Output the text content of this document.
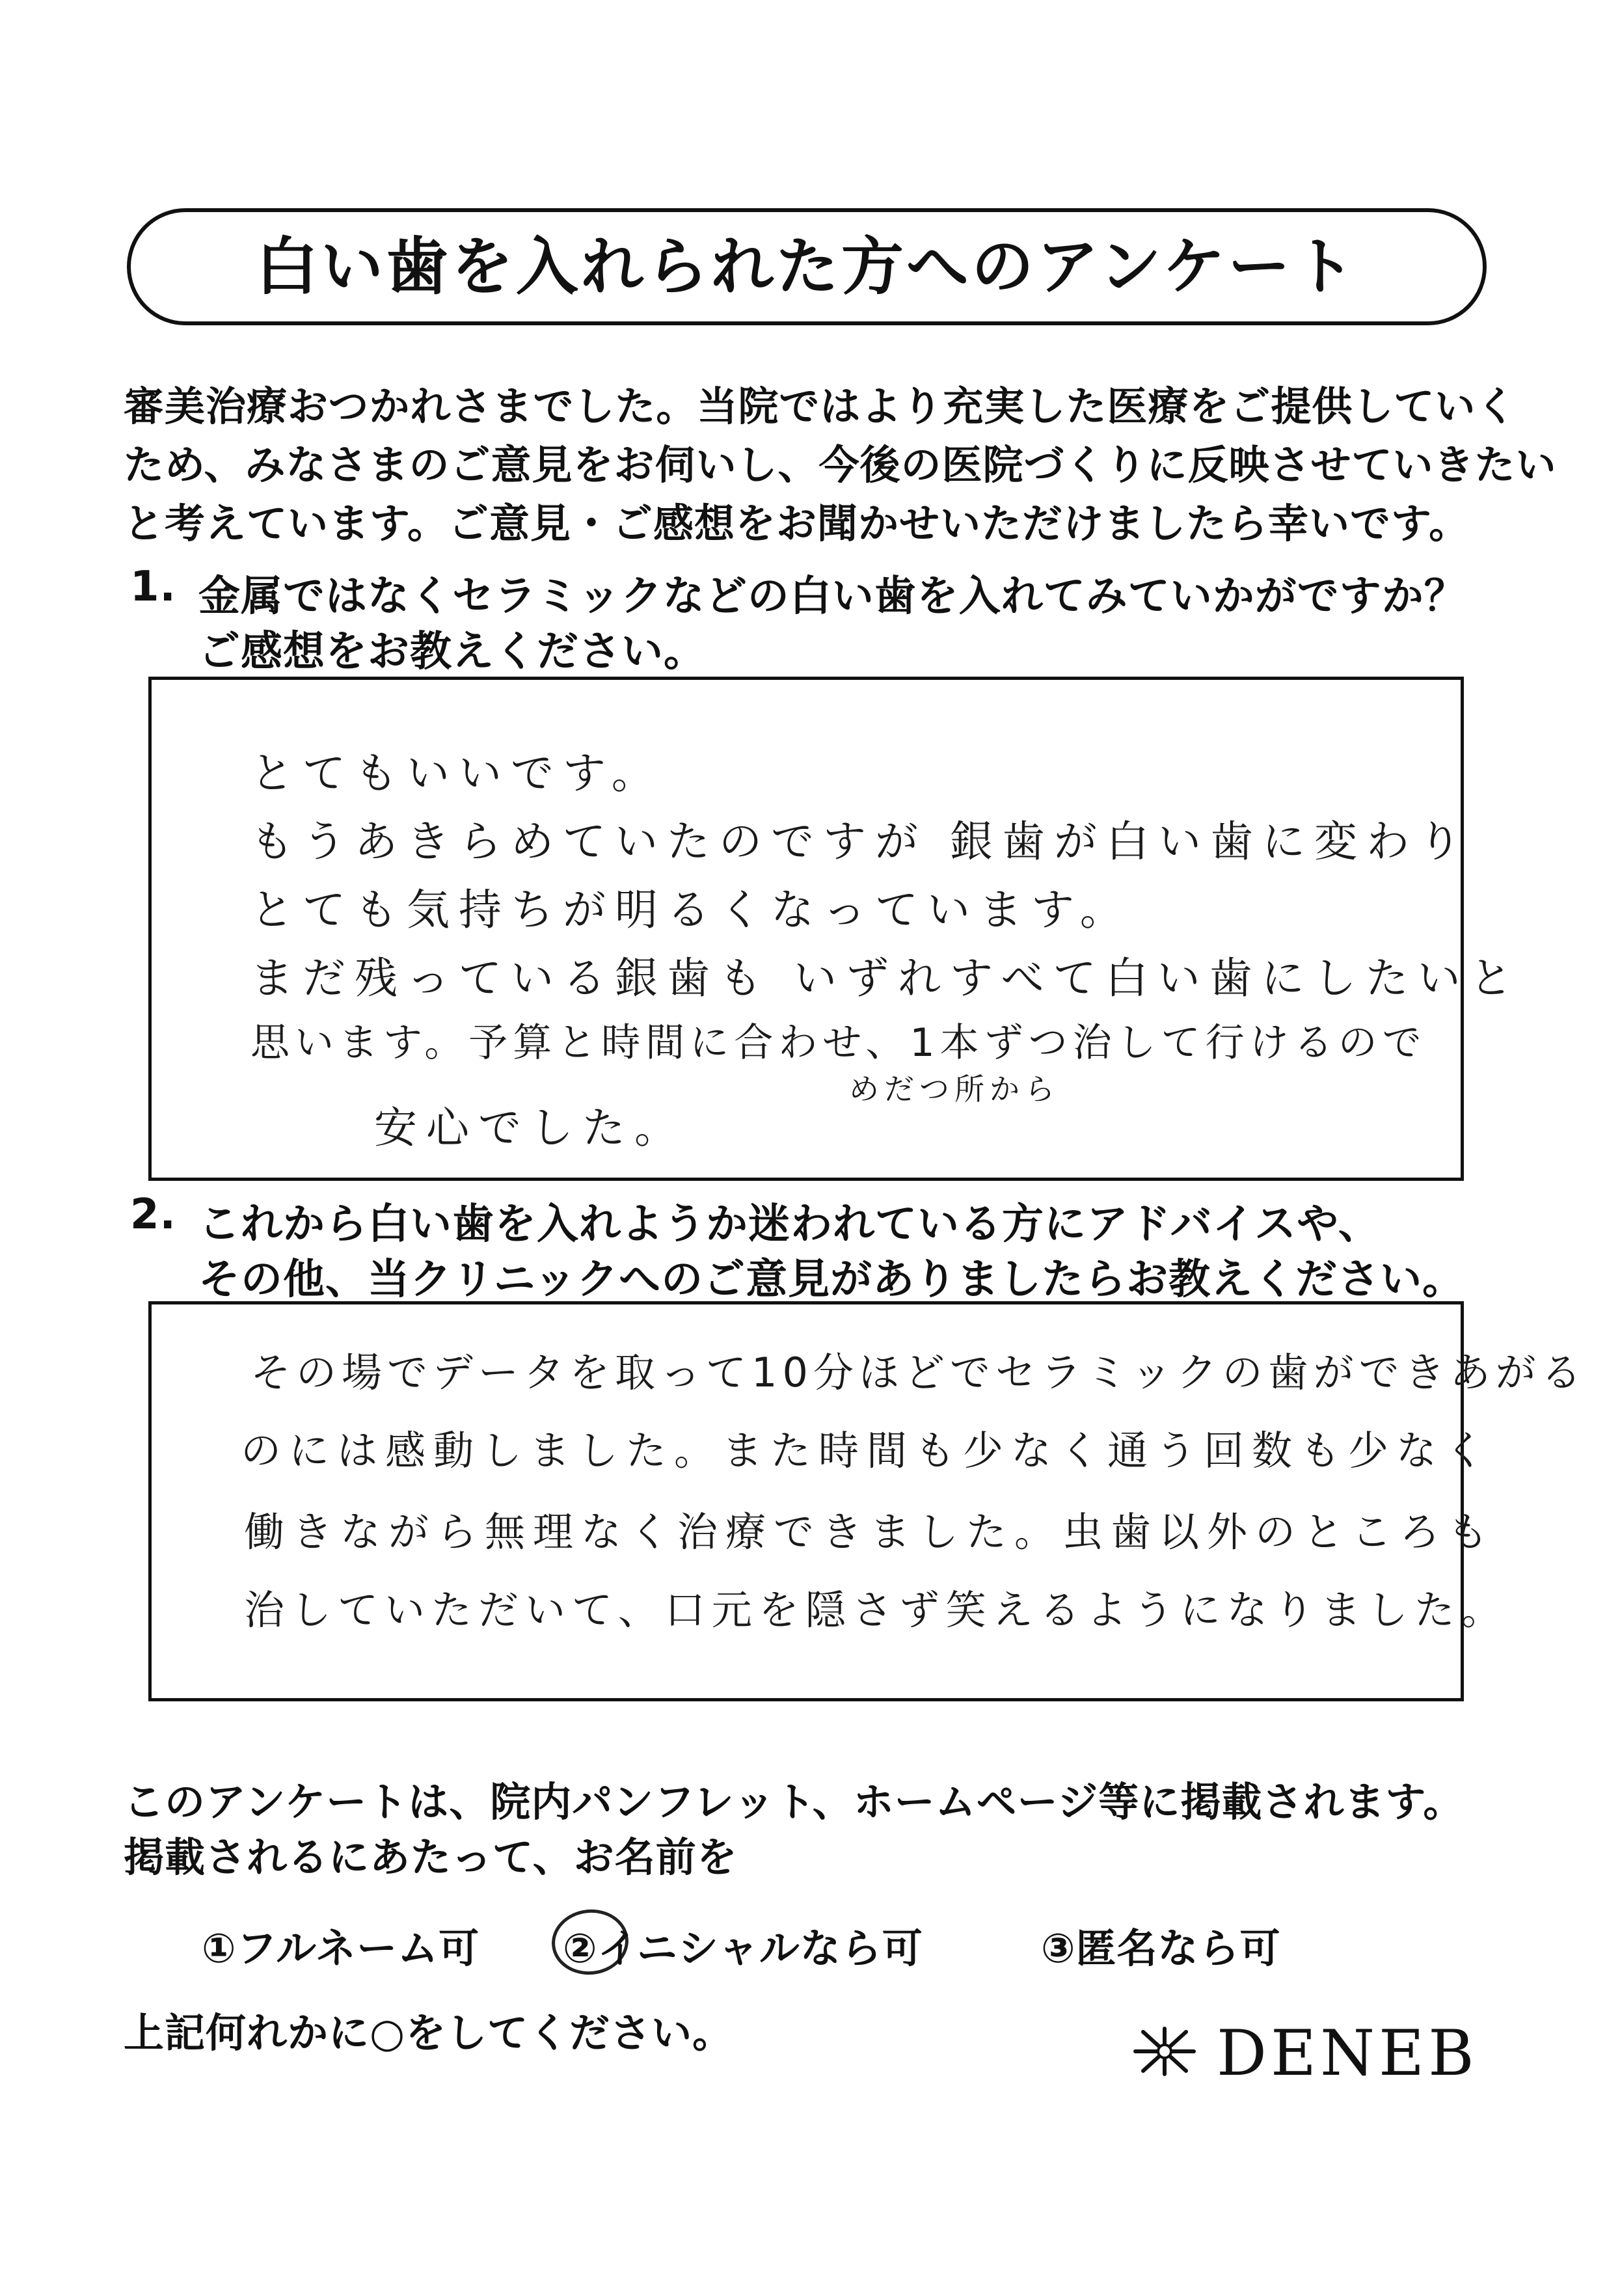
白い歯を入れられた方へのアンケート
審美治療おつかれさまでした。当院ではより充実した医療をご提供していく
ため、みなさまのご意見をお伺いし、今後の医院づくりに反映させていきたい
と考えています。ご意見・ご感想をお聞かせいただけましたら幸いです。
1. 金属ではなくセラミックなどの白い歯を入れてみていかがですか？
ご感想をお教えください。
とてもいいです。
もうあきらめていたのですが 銀歯が白い歯に変わり
とても気持ちが明るくなっています。
まだ残っている銀歯も いずれすべて白い歯にしたいと
思います。予算と時間に合わせ、1本ずつ治して行けるので
めだつ所から
安心でした。
2. これから白い歯を入れようか迷われている方にアドバイスや、
その他、当クリニックへのご意見がありましたらお教えください。
その場でデータを取って10分ほどでセラミックの歯ができあがる
のには感動しました。また時間も少なく通う回数も少なく
働きながら無理なく治療できました。虫歯以外のところも
治していただいて、口元を隠さず笑えるようになりました。
このアンケートは、院内パンフレット、ホームページ等に掲載されます。
掲載されるにあたって、お名前を
①フルネーム可 ②イニシャルなら可	③匿名なら可
上記何れかに○をしてください。	DENEB
